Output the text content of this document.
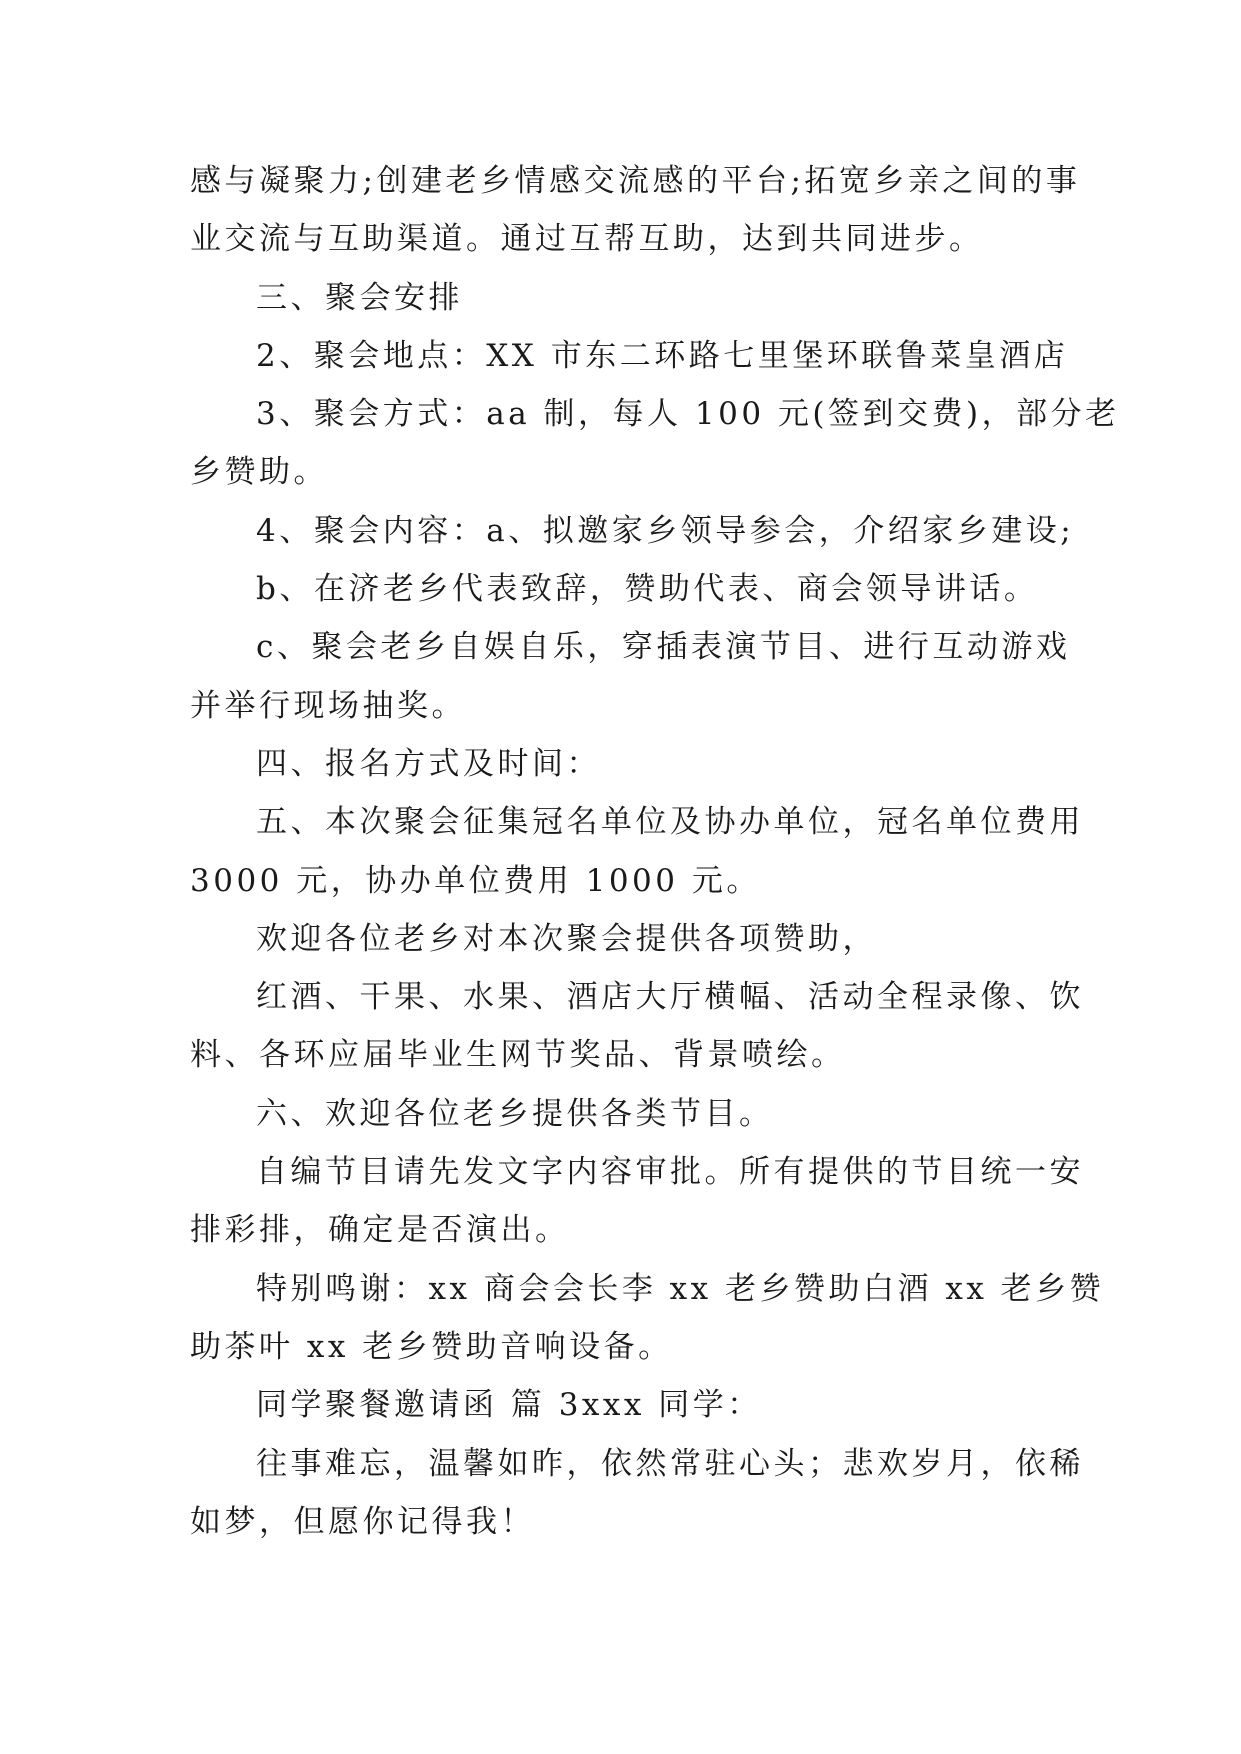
感与凝聚力;创建老乡情感交流感的平台;拓宽乡亲之间的事
业交流与互助渠道。通过互帮互助，达到共同进步。
三、聚会安排
2、聚会地点：XX 市东二环路七里堡环联鲁菜皇酒店
3、聚会方式：aa 制，每人 100 元(签到交费)，部分老
乡赞助。
4、聚会内容：a、拟邀家乡领导参会，介绍家乡建设;
b、在济老乡代表致辞，赞助代表、商会领导讲话。
c、聚会老乡自娱自乐，穿插表演节目、进行互动游戏
并举行现场抽奖。
四、报名方式及时间：
五、本次聚会征集冠名单位及协办单位，冠名单位费用
3000 元，协办单位费用 1000 元。
欢迎各位老乡对本次聚会提供各项赞助，
红酒、干果、水果、酒店大厅横幅、活动全程录像、饮
料、各环应届毕业生网节奖品、背景喷绘。
六、欢迎各位老乡提供各类节目。
自编节目请先发文字内容审批。所有提供的节目统一安
排彩排，确定是否演出。
特别鸣谢：xx 商会会长李 xx 老乡赞助白酒 xx 老乡赞
助茶叶 xx 老乡赞助音响设备。
同学聚餐邀请函 篇 3xxx 同学：
往事难忘，温馨如昨，依然常驻心头；悲欢岁月，依稀
如梦，但愿你记得我！
